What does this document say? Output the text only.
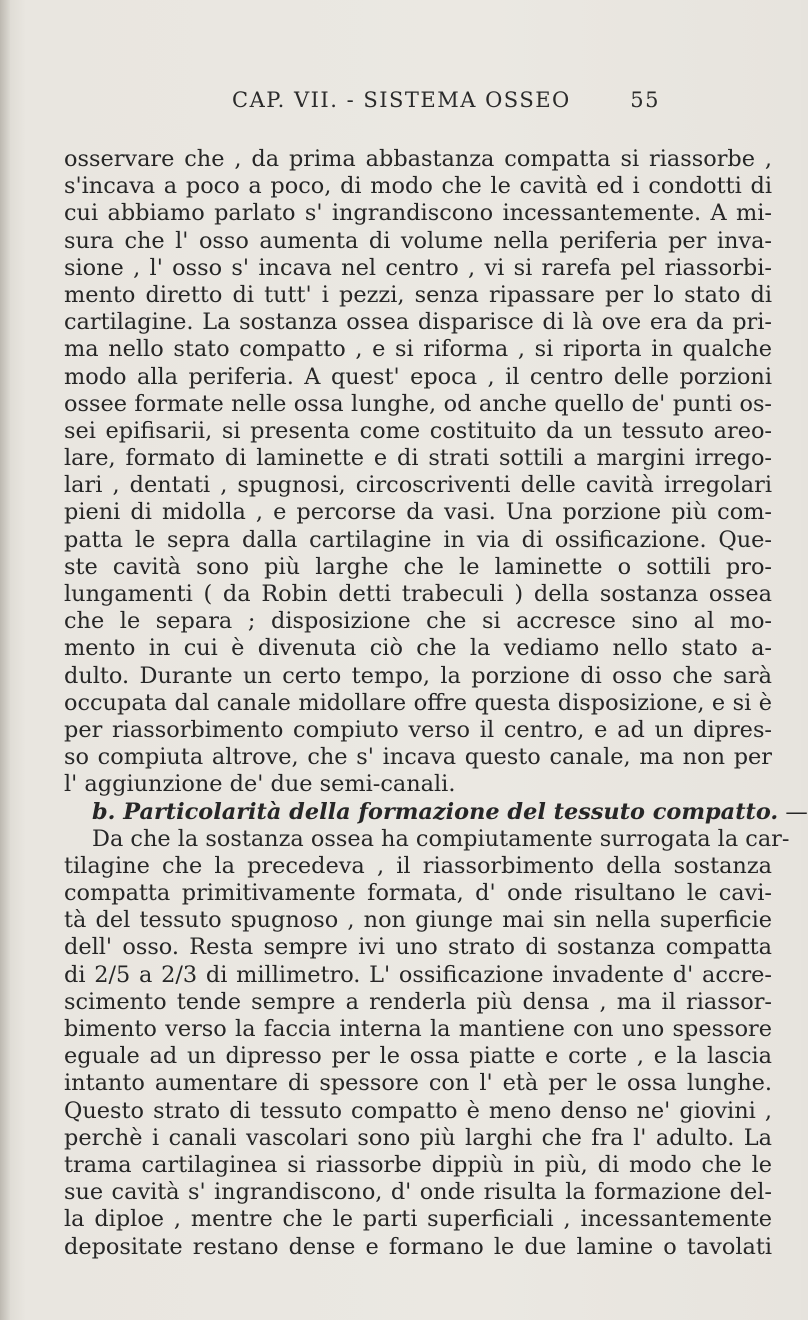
CAP. VII. - SISTEMA OSSEO	55
osservare che , da prima abbastanza compatta si riassorbe ,
s'incava a poco a poco, di modo che le cavità ed i condotti di
cui abbiamo parlato s' ingrandiscono incessantemente. A mi-
sura che l' osso aumenta di volume nella periferia per inva-
sione , l' osso s' incava nel centro , vi si rarefa pel riassorbi-
mento diretto di tutt' i pezzi, senza ripassare per lo stato di
cartilagine. La sostanza ossea disparisce di là ove era da pri-
ma nello stato compatto , e si riforma , si riporta in qualche
modo alla periferia. A quest' epoca , il centro delle porzioni
ossee formate nelle ossa lunghe, od anche quello de' punti os-
sei epifisarii, si presenta come costituito da un tessuto areo-
lare, formato di laminette e di strati sottili a margini irrego-
lari , dentati , spugnosi, circoscriventi delle cavità irregolari
pieni di midolla , e percorse da vasi. Una porzione più com-
patta le sepra dalla cartilagine in via di ossificazione. Que-
ste cavità sono più larghe che le laminette o sottili pro-
lungamenti ( da Robin detti trabeculi ) della sostanza ossea
che le separa ; disposizione che si accresce sino al mo-
mento in cui è divenuta ciò che la vediamo nello stato a-
dulto. Durante un certo tempo, la porzione di osso che sarà
occupata dal canale midollare offre questa disposizione, e si è
per riassorbimento compiuto verso il centro, e ad un dipres-
so compiuta altrove, che s' incava questo canale, ma non per
l' aggiunzione de' due semi-canali.
b. Particolarità della formazione del tessuto compatto. —
Da che la sostanza ossea ha compiutamente surrogata la car-
tilagine che la precedeva , il riassorbimento della sostanza
compatta primitivamente formata, d' onde risultano le cavi-
tà del tessuto spugnoso , non giunge mai sin nella superficie
dell' osso. Resta sempre ivi uno strato di sostanza compatta
di 2/5 a 2/3 di millimetro. L' ossificazione invadente d' accre-
scimento tende sempre a renderla più densa , ma il riassor-
bimento verso la faccia interna la mantiene con uno spessore
eguale ad un dipresso per le ossa piatte e corte , e la lascia
intanto aumentare di spessore con l' età per le ossa lunghe.
Questo strato di tessuto compatto è meno denso ne' giovini ,
perchè i canali vascolari sono più larghi che fra l' adulto. La
trama cartilaginea si riassorbe dippiù in più, di modo che le
sue cavità s' ingrandiscono, d' onde risulta la formazione del-
la diploe , mentre che le parti superficiali , incessantemente
depositate restano dense e formano le due lamine o tavolati
